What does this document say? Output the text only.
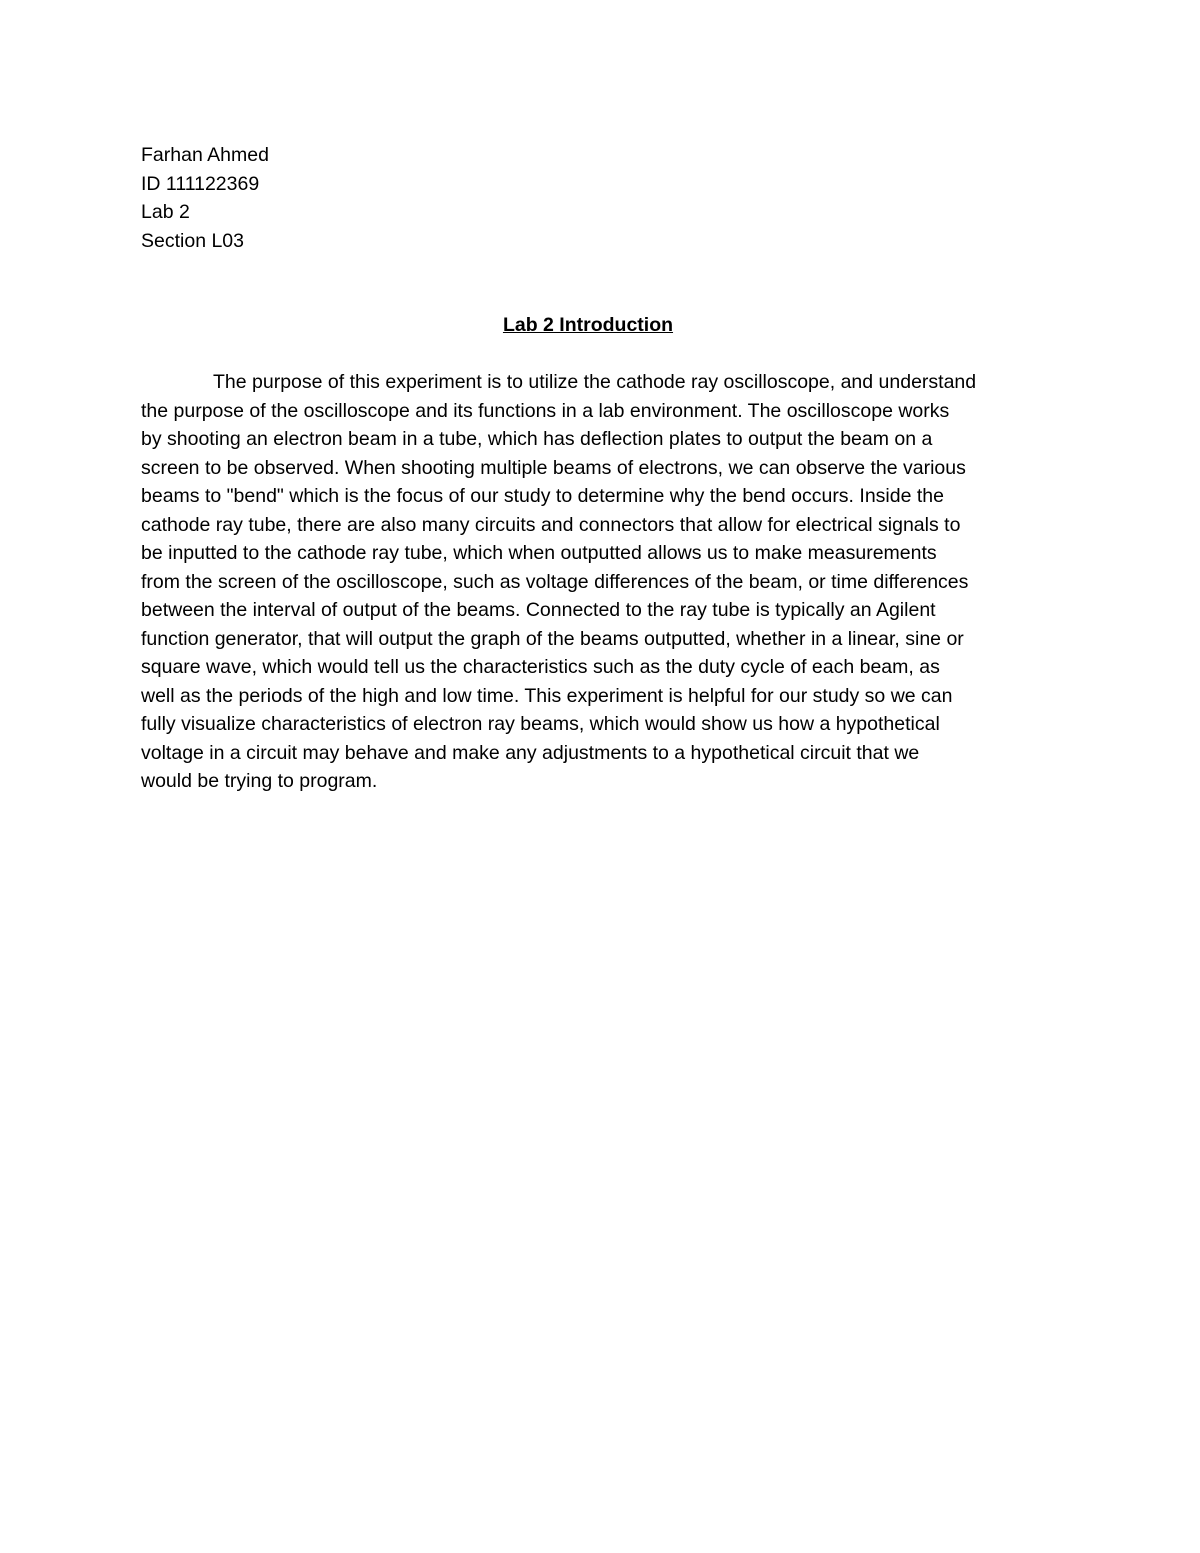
Farhan Ahmed
ID 111122369
Lab 2
Section L03
Lab 2 Introduction
The purpose of this experiment is to utilize the cathode ray oscilloscope, and understand
the purpose of the oscilloscope and its functions in a lab environment. The oscilloscope works
by shooting an electron beam in a tube, which has deflection plates to output the beam on a
screen to be observed. When shooting multiple beams of electrons, we can observe the various
beams to "bend" which is the focus of our study to determine why the bend occurs. Inside the
cathode ray tube, there are also many circuits and connectors that allow for electrical signals to
be inputted to the cathode ray tube, which when outputted allows us to make measurements
from the screen of the oscilloscope, such as voltage differences of the beam, or time differences
between the interval of output of the beams. Connected to the ray tube is typically an Agilent
function generator, that will output the graph of the beams outputted, whether in a linear, sine or
square wave, which would tell us the characteristics such as the duty cycle of each beam, as
well as the periods of the high and low time. This experiment is helpful for our study so we can
fully visualize characteristics of electron ray beams, which would show us how a hypothetical
voltage in a circuit may behave and make any adjustments to a hypothetical circuit that we
would be trying to program.
